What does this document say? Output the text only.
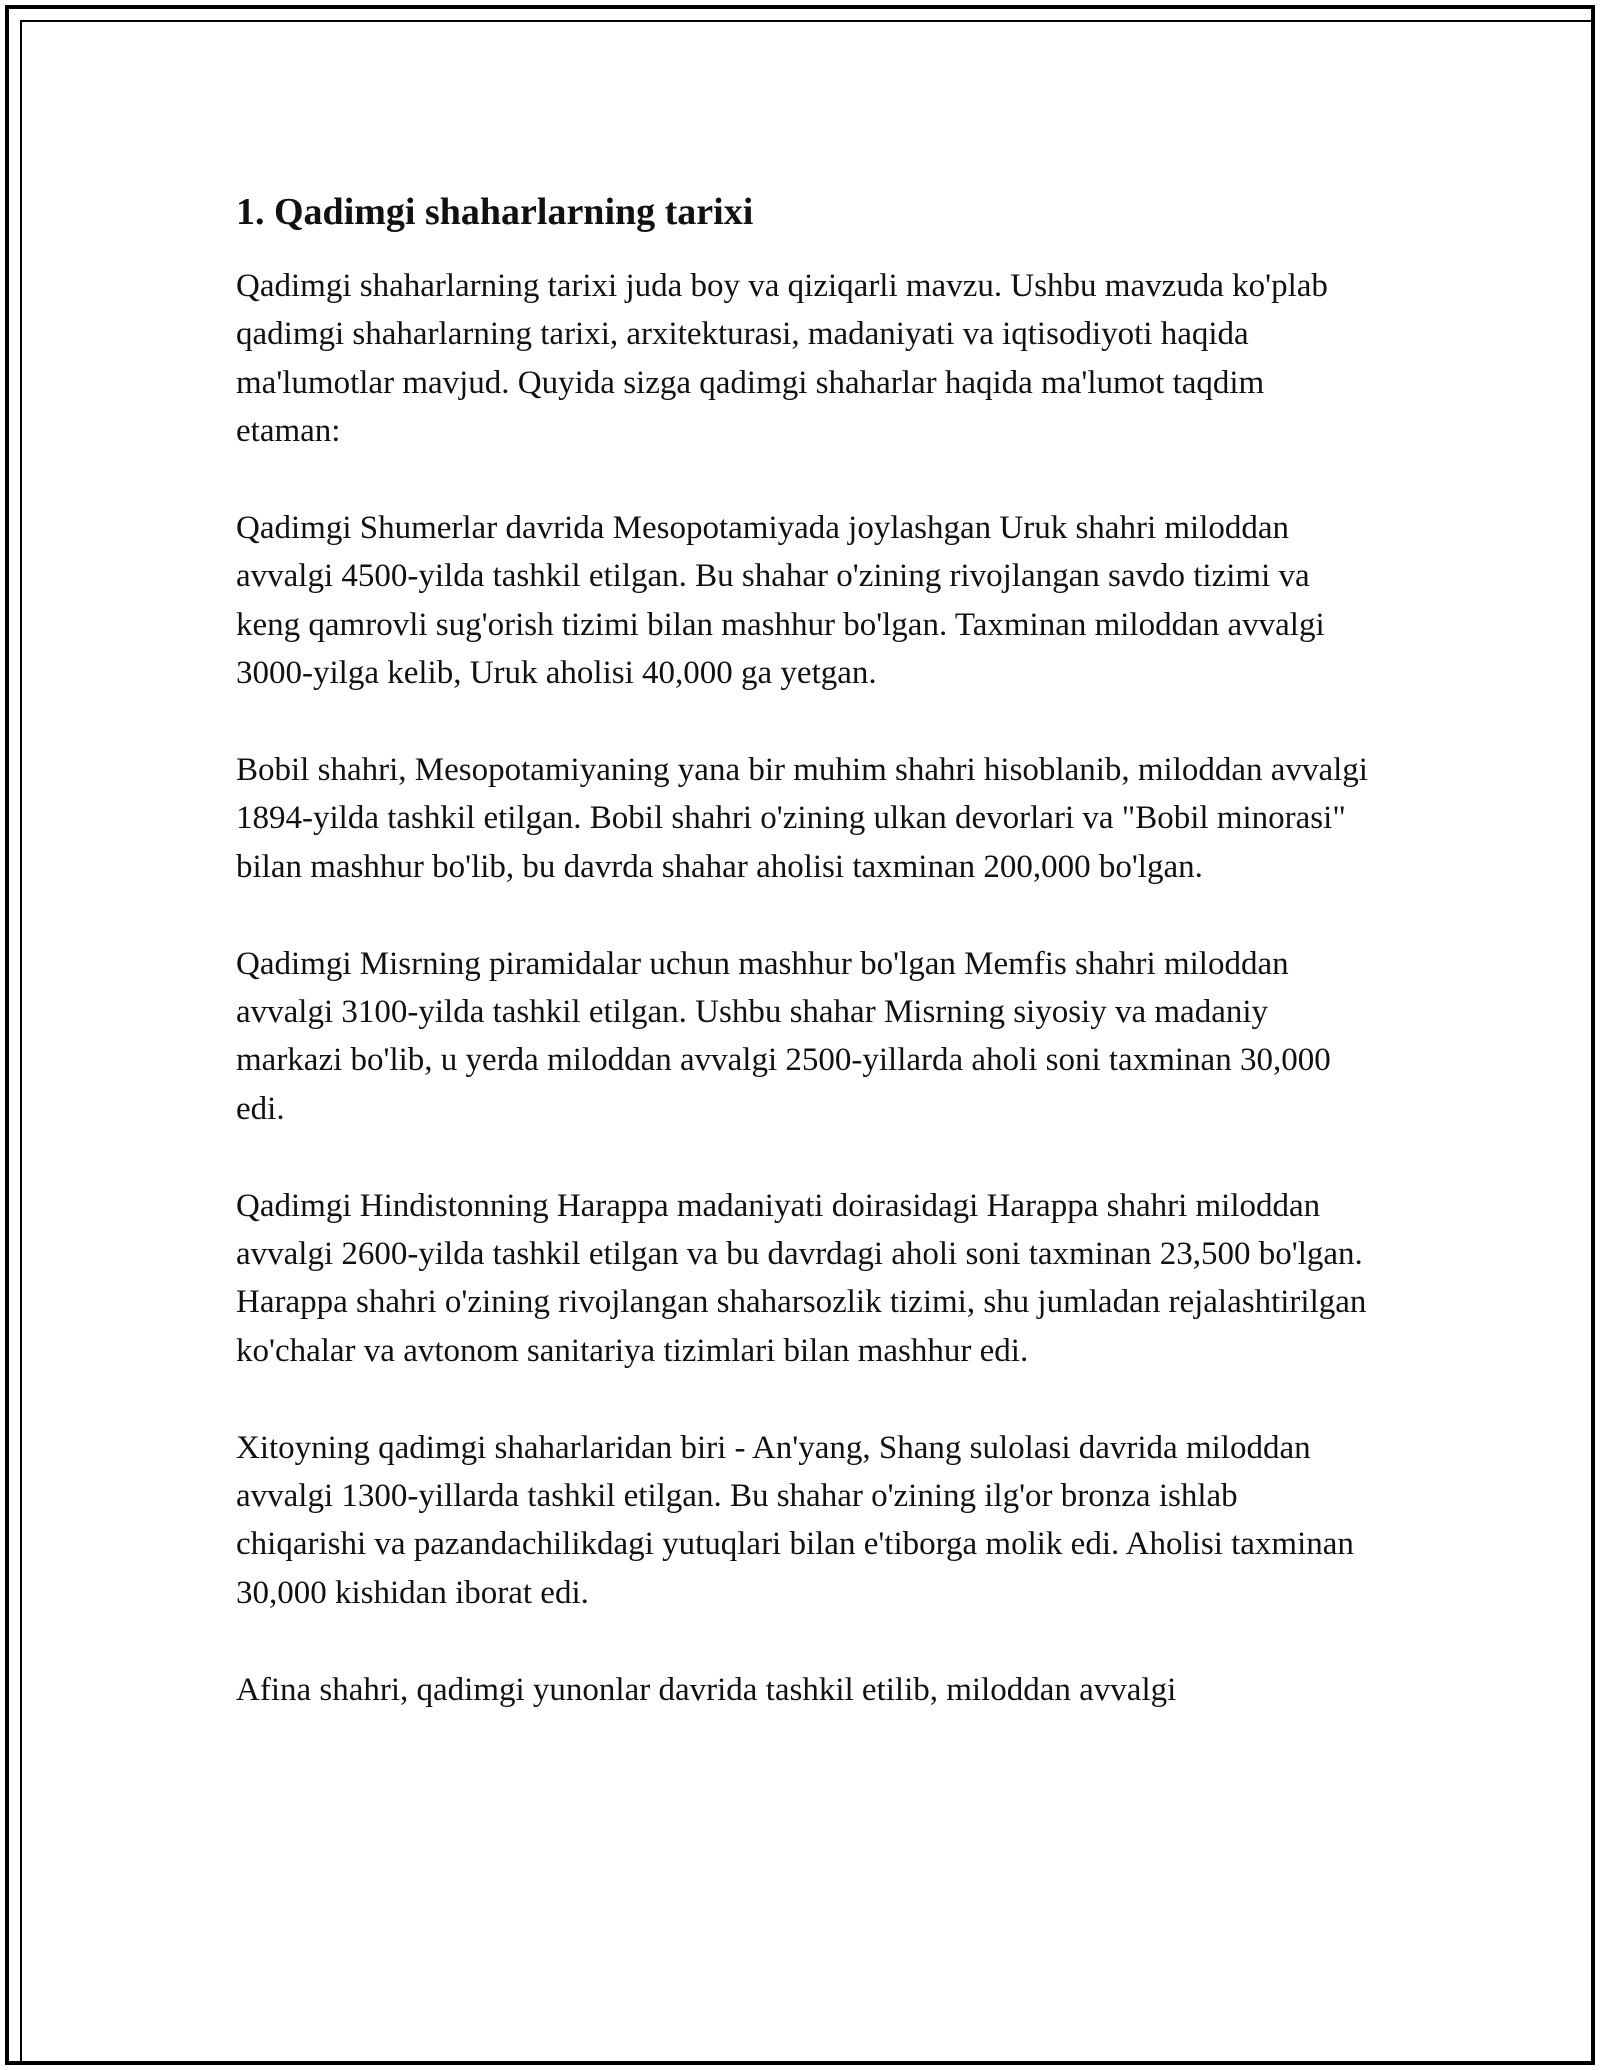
1. Qadimgi shaharlarning tarixi

Qadimgi shaharlarning tarixi juda boy va qiziqarli mavzu. Ushbu mavzuda ko'plab qadimgi shaharlarning tarixi, arxitekturasi, madaniyati va iqtisodiyoti haqida ma'lumotlar mavjud. Quyida sizga qadimgi shaharlar haqida ma'lumot taqdim etaman:

Qadimgi Shumerlar davrida Mesopotamiyada joylashgan Uruk shahri miloddan avvalgi 4500-yilda tashkil etilgan. Bu shahar o'zining rivojlangan savdo tizimi va keng qamrovli sug'orish tizimi bilan mashhur bo'lgan. Taxminan miloddan avvalgi 3000-yilga kelib, Uruk aholisi 40,000 ga yetgan.

Bobil shahri, Mesopotamiyaning yana bir muhim shahri hisoblanib, miloddan avvalgi 1894-yilda tashkil etilgan. Bobil shahri o'zining ulkan devorlari va "Bobil minorasi" bilan mashhur bo'lib, bu davrda shahar aholisi taxminan 200,000 bo'lgan.

Qadimgi Misrning piramidalar uchun mashhur bo'lgan Memfis shahri miloddan avvalgi 3100-yilda tashkil etilgan. Ushbu shahar Misrning siyosiy va madaniy markazi bo'lib, u yerda miloddan avvalgi 2500-yillarda aholi soni taxminan 30,000 edi.

Qadimgi Hindistonning Harappa madaniyati doirasidagi Harappa shahri miloddan avvalgi 2600-yilda tashkil etilgan va bu davrdagi aholi soni taxminan 23,500 bo'lgan. Harappa shahri o'zining rivojlangan shaharsozlik tizimi, shu jumladan rejalashtirilgan ko'chalar va avtonom sanitariya tizimlari bilan mashhur edi.

Xitoyning qadimgi shaharlaridan biri - An'yang, Shang sulolasi davrida miloddan avvalgi 1300-yillarda tashkil etilgan. Bu shahar o'zining ilg'or bronza ishlab chiqarishi va pazandachilikdagi yutuqlari bilan e'tiborga molik edi. Aholisi taxminan 30,000 kishidan iborat edi.

Afina shahri, qadimgi yunonlar davrida tashkil etilib, miloddan avvalgi
